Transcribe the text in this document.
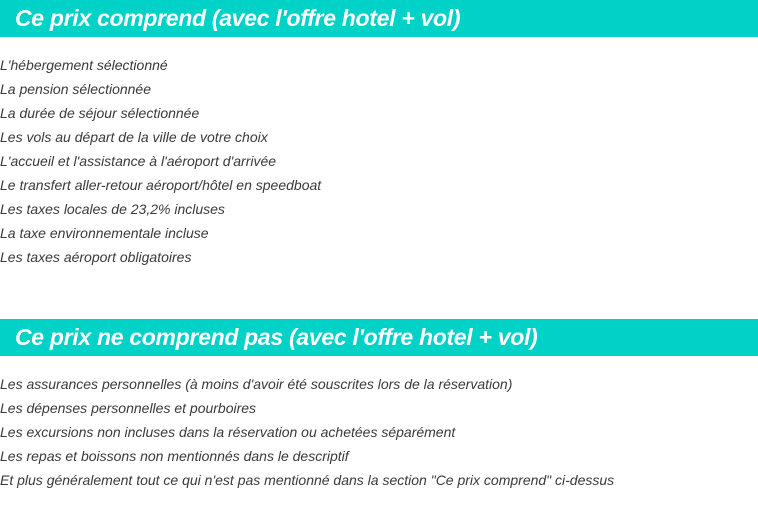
Ce prix comprend (avec l'offre hotel + vol)
L'hébergement sélectionné
La pension sélectionnée
La durée de séjour sélectionnée
Les vols au départ de la ville de votre choix
L'accueil et l'assistance à l'aéroport d'arrivée
Le transfert aller-retour aéroport/hôtel en speedboat
Les taxes locales de 23,2% incluses
La taxe environnementale incluse
Les taxes aéroport obligatoires
Ce prix ne comprend pas (avec l'offre hotel + vol)
Les assurances personnelles (à moins d'avoir été souscrites lors de la réservation)
Les dépenses personnelles et pourboires
Les excursions non incluses dans la réservation ou achetées séparément
Les repas et boissons non mentionnés dans le descriptif
Et plus généralement tout ce qui n'est pas mentionné dans la section "Ce prix comprend" ci-dessus
